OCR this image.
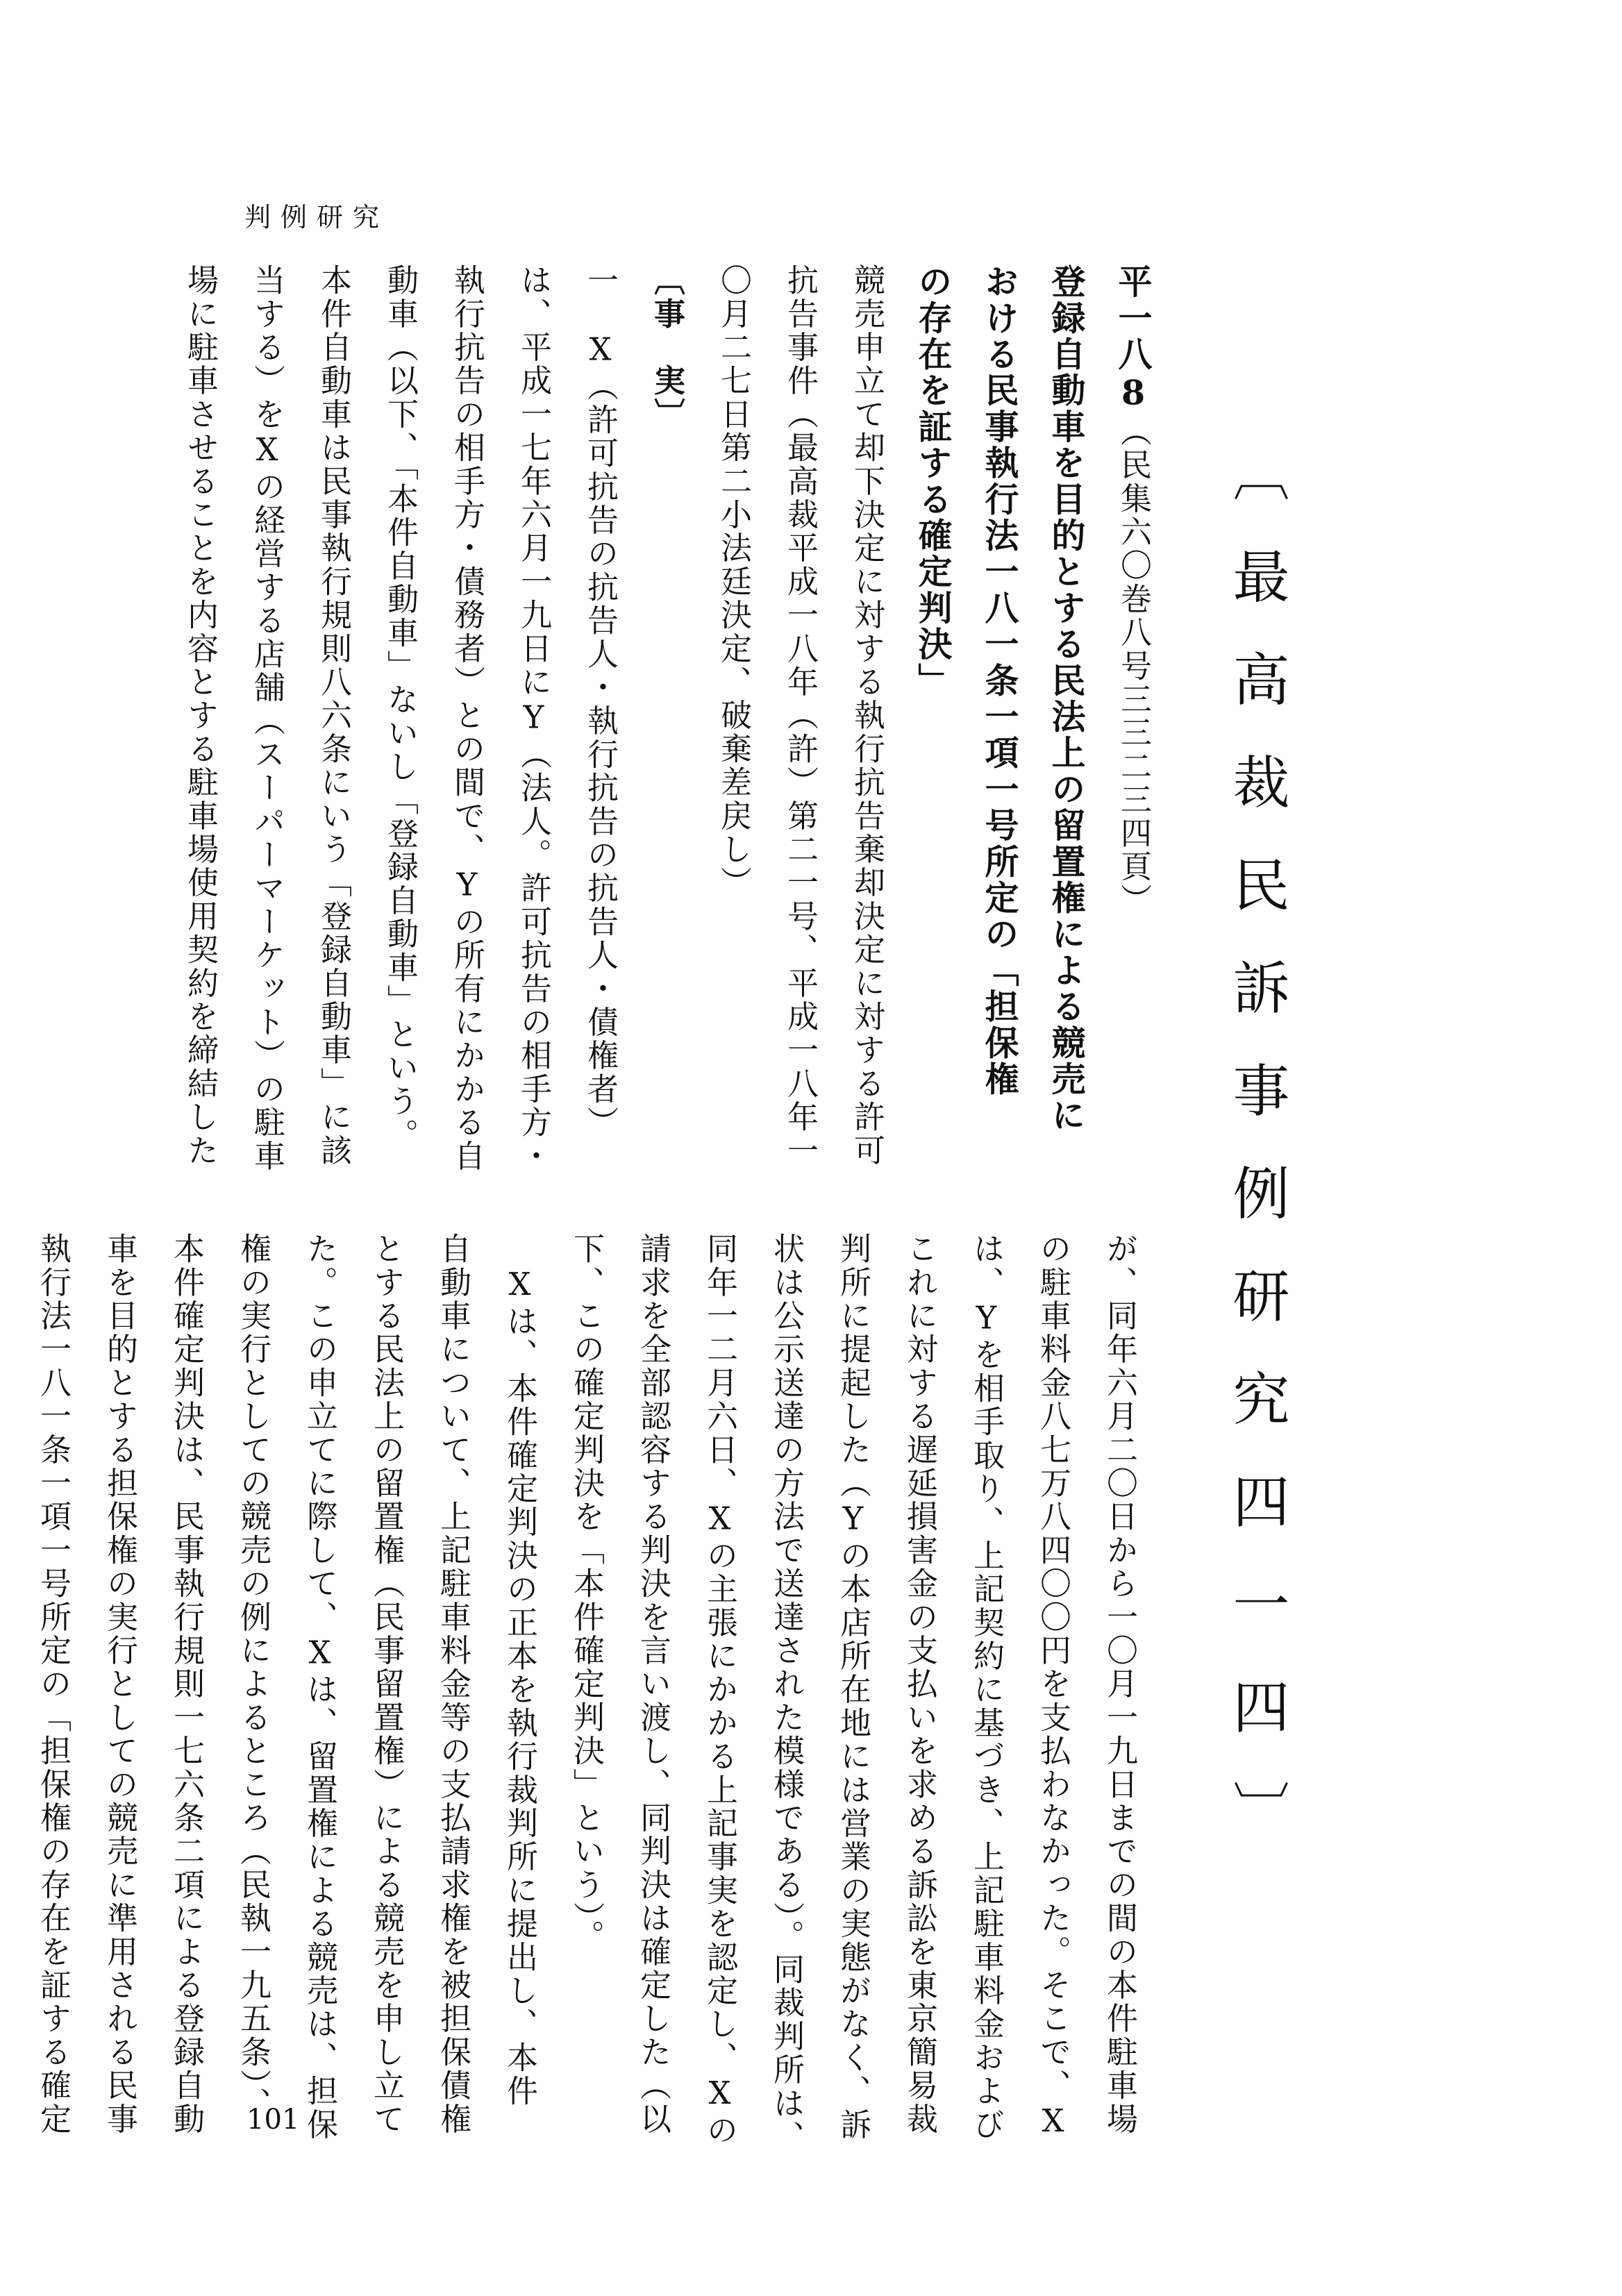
判例研究
〔最高裁民訴事例研究四一四〕

平一八8（民集六〇巻八号三三二三四頁）

登録自動車を目的とする民法上の留置権による競売に

おける民事執行法一八一条一項一号所定の「担保権

の存在を証する確定判決」

競売申立て却下決定に対する執行抗告棄却決定に対する許可

抗告事件（最高裁平成一八年（許）第二一号、平成一八年一

〇月二七日第二小法廷決定、破棄差戻し）

〔事　実〕

一　X（許可抗告の抗告人・執行抗告の抗告人・債権者）

は、平成一七年六月一九日にY（法人。許可抗告の相手方・

執行抗告の相手方・債務者）との間で、Yの所有にかかる自

動車（以下、「本件自動車」ないし「登録自動車」という。

本件自動車は民事執行規則八六条にいう「登録自動車」に該

当する）をXの経営する店舗（スーパーマーケット）の駐車

場に駐車させることを内容とする駐車場使用契約を締結した

が、同年六月二〇日から一〇月一九日までの間の本件駐車場

の駐車料金八七万八四〇〇円を支払わなかった。そこで、X

は、Yを相手取り、上記契約に基づき、上記駐車料金および

これに対する遅延損害金の支払いを求める訴訟を東京簡易裁

判所に提起した（Yの本店所在地には営業の実態がなく、訴

状は公示送達の方法で送達された模様である）。同裁判所は、

同年一二月六日、Xの主張にかかる上記事実を認定し、Xの

請求を全部認容する判決を言い渡し、同判決は確定した（以

下、この確定判決を「本件確定判決」という）。

　Xは、本件確定判決の正本を執行裁判所に提出し、本件

自動車について、上記駐車料金等の支払請求権を被担保債権

とする民法上の留置権（民事留置権）による競売を申し立て

た。この申立てに際して、Xは、留置権による競売は、担保

権の実行としての競売の例によるところ（民執一九五条）、

本件確定判決は、民事執行規則一七六条二項による登録自動

車を目的とする担保権の実行としての競売に準用される民事

執行法一八一条一項一号所定の「担保権の存在を証する確定	101
